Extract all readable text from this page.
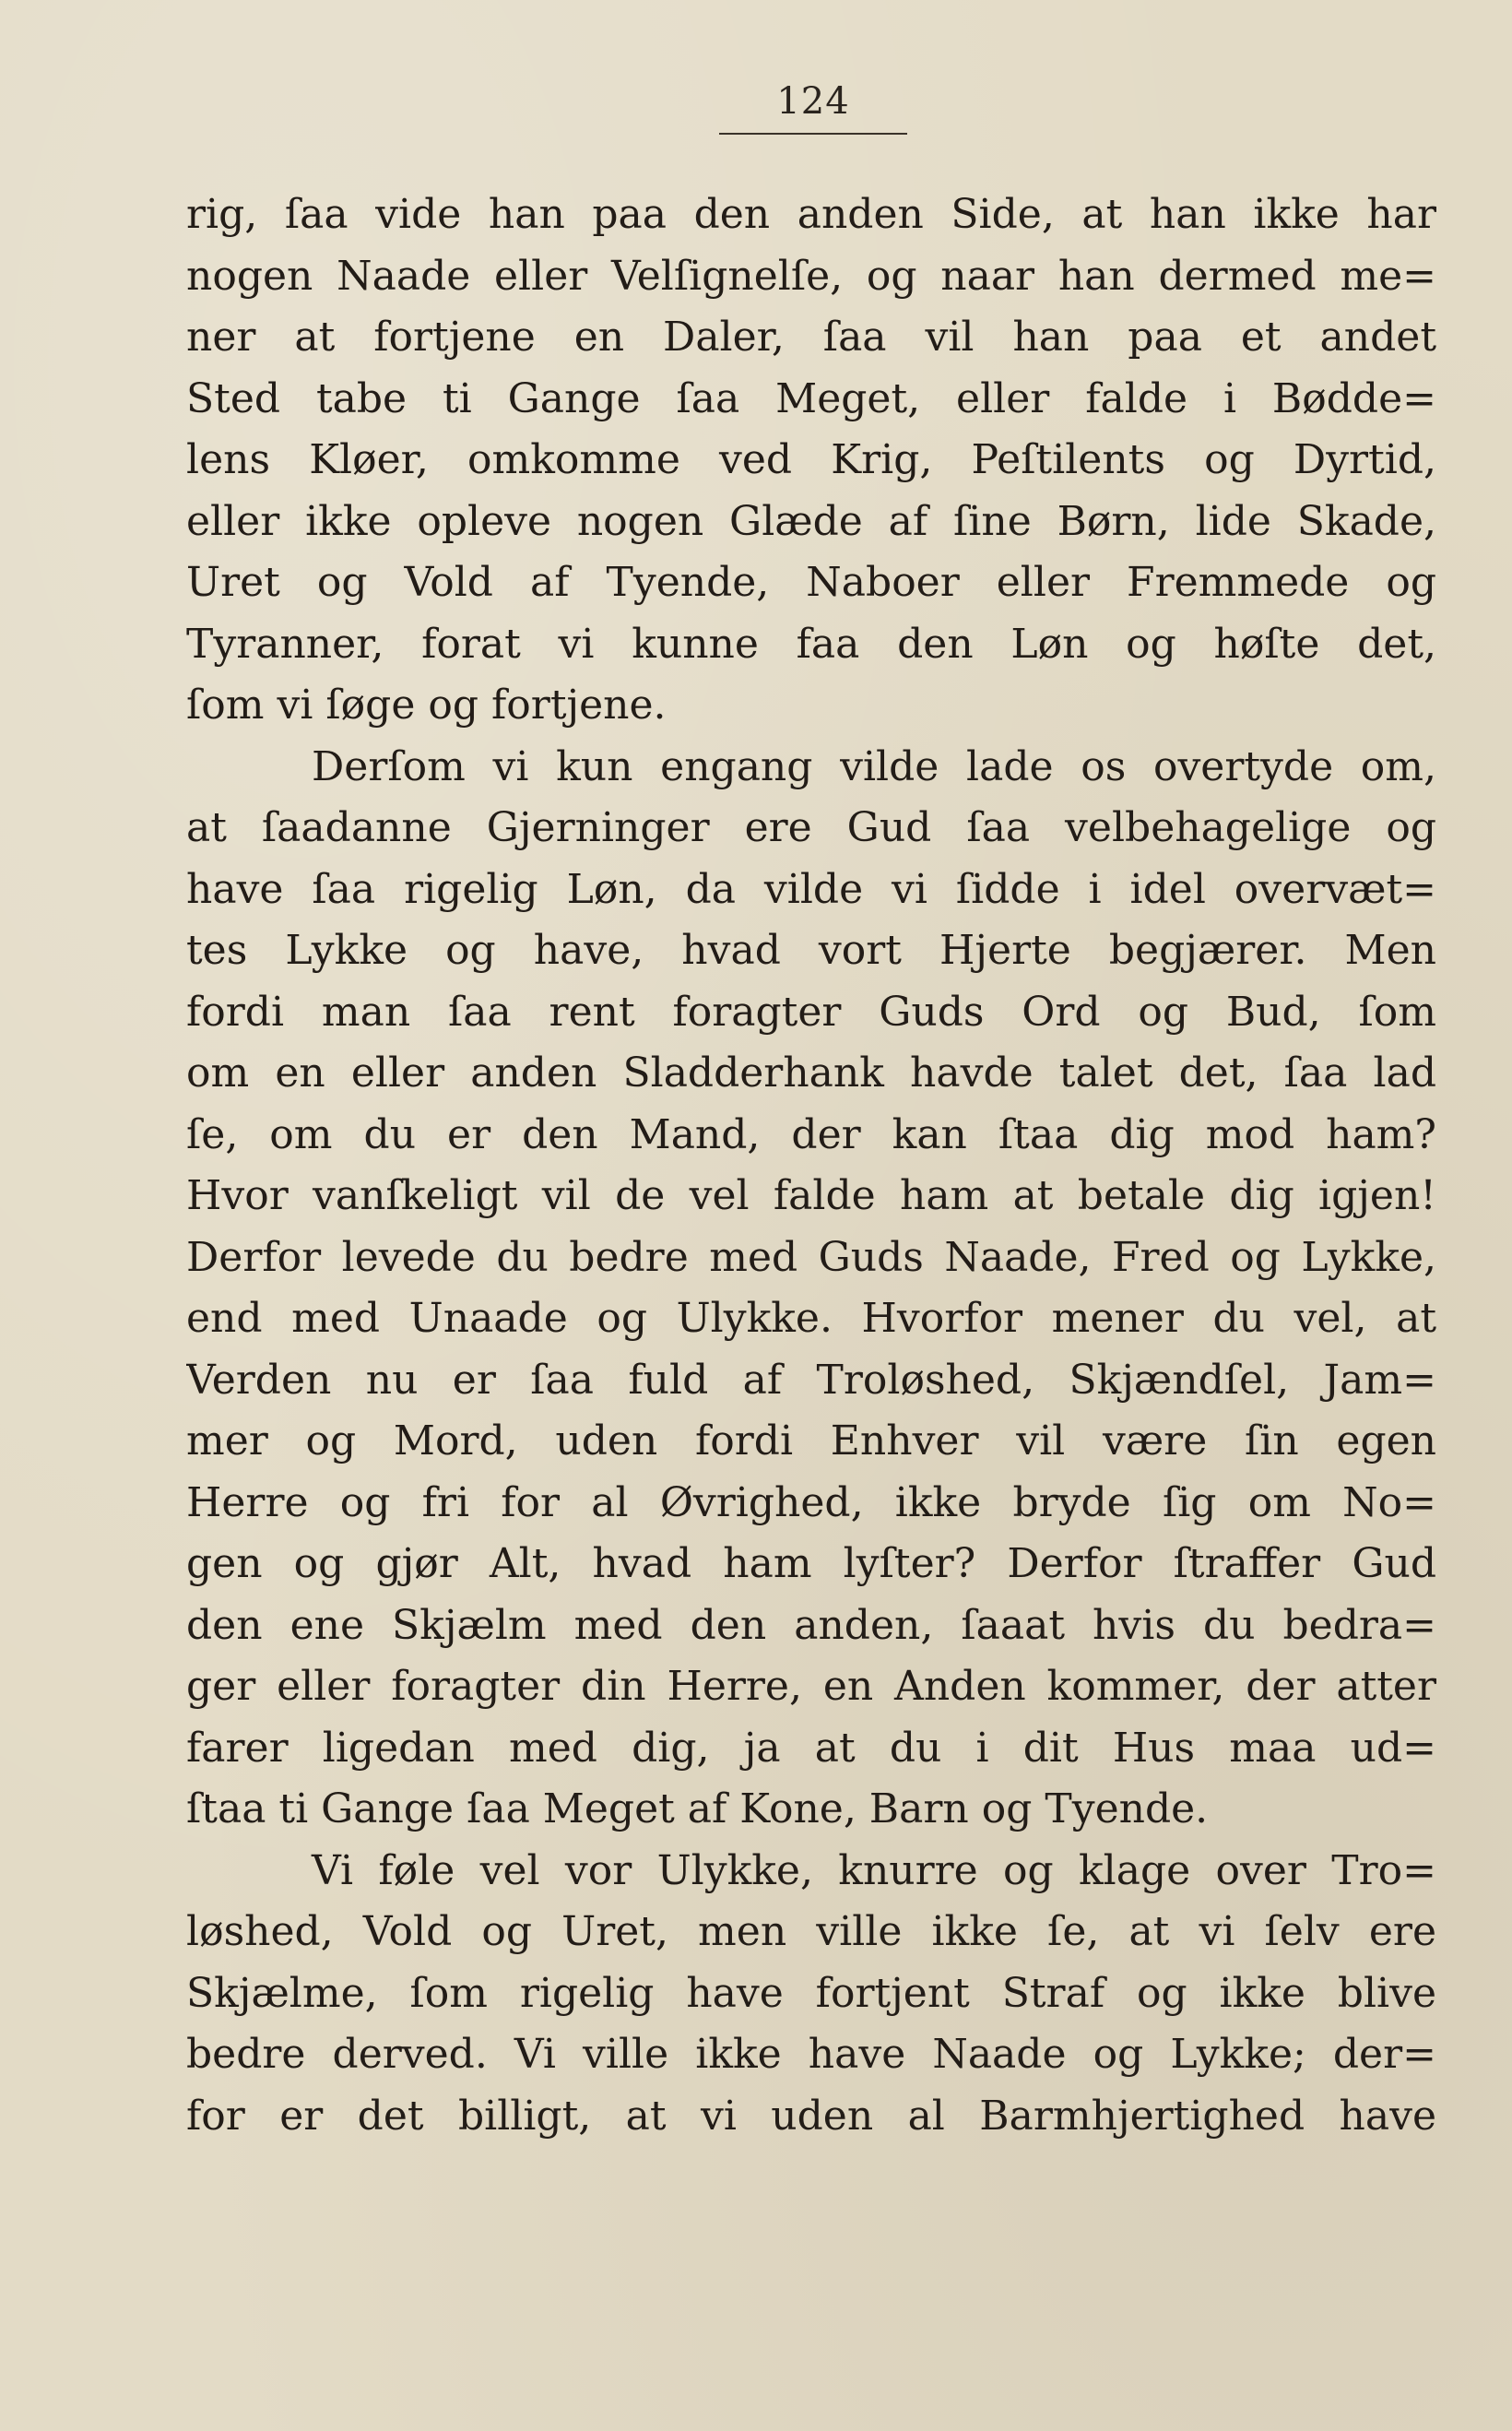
124
rig, ſaa vide han paa den anden Side, at han ikke har
nogen Naade eller Velſignelſe, og naar han dermed me=
ner at fortjene en Daler, ſaa vil han paa et andet
Sted tabe ti Gange ſaa Meget, eller falde i Bødde=
lens Kløer, omkomme ved Krig, Peſtilents og Dyrtid,
eller ikke opleve nogen Glæde af ſine Børn, lide Skade,
Uret og Vold af Tyende, Naboer eller Fremmede og
Tyranner, forat vi kunne faa den Løn og høſte det,
ſom vi ſøge og fortjene.
Derſom vi kun engang vilde lade os overtyde om,
at ſaadanne Gjerninger ere Gud ſaa velbehagelige og
have ſaa rigelig Løn, da vilde vi ſidde i idel overvæt=
tes Lykke og have, hvad vort Hjerte begjærer. Men
fordi man ſaa rent foragter Guds Ord og Bud, ſom
om en eller anden Sladderhank havde talet det, ſaa lad
ſe, om du er den Mand, der kan ſtaa dig mod ham?
Hvor vanſkeligt vil de vel falde ham at betale dig igjen!
Derfor levede du bedre med Guds Naade, Fred og Lykke,
end med Unaade og Ulykke. Hvorfor mener du vel, at
Verden nu er ſaa fuld af Troløshed, Skjændſel, Jam=
mer og Mord, uden fordi Enhver vil være ſin egen
Herre og fri for al Øvrighed, ikke bryde ſig om No=
gen og gjør Alt, hvad ham lyſter? Derfor ſtraffer Gud
den ene Skjælm med den anden, ſaaat hvis du bedra=
ger eller foragter din Herre, en Anden kommer, der atter
farer ligedan med dig, ja at du i dit Hus maa ud=
ſtaa ti Gange ſaa Meget af Kone, Barn og Tyende.
Vi føle vel vor Ulykke, knurre og klage over Tro=
løshed, Vold og Uret, men ville ikke ſe, at vi ſelv ere
Skjælme, ſom rigelig have fortjent Straf og ikke blive
bedre derved. Vi ville ikke have Naade og Lykke; der=
for er det billigt, at vi uden al Barmhjertighed have
